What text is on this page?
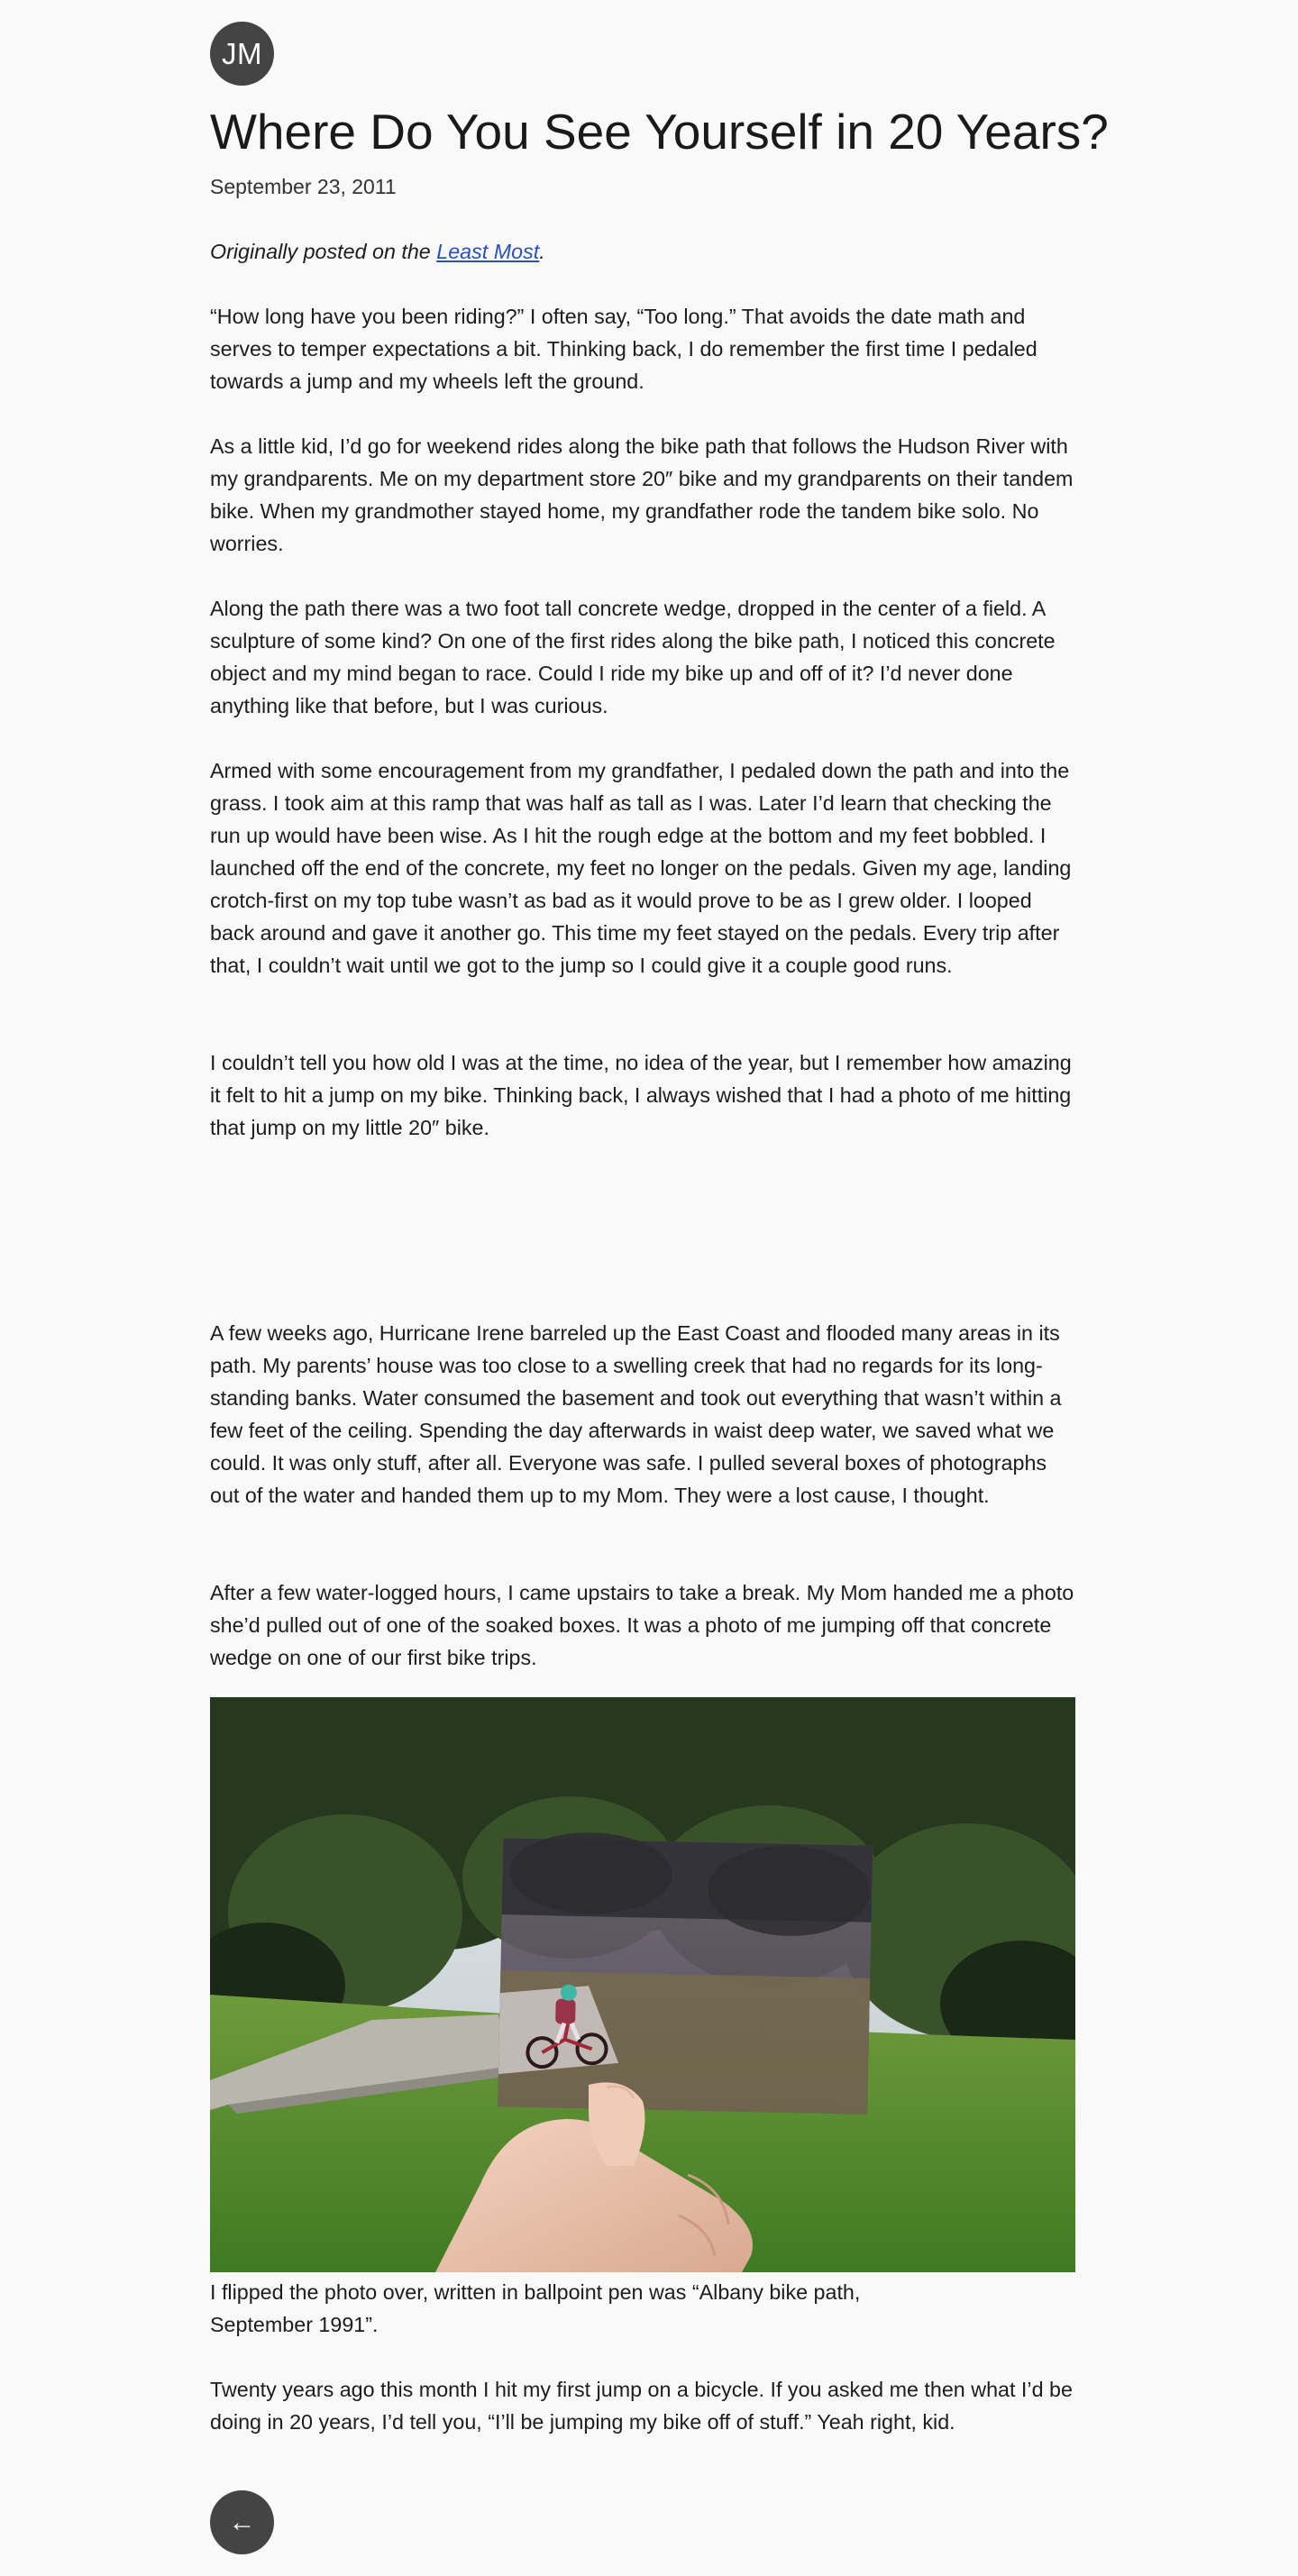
JM
Where Do You See Yourself in 20 Years?

September 23, 2011

Originally posted on the Least Most.

“How long have you been riding?” I often say, “Too long.” That avoids the date math and serves to temper expectations a bit. Thinking back, I do remember the first time I pedaled towards a jump and my wheels left the ground.

As a little kid, I’d go for weekend rides along the bike path that follows the Hudson River with my grandparents. Me on my department store 20″ bike and my grandparents on their tandem bike. When my grandmother stayed home, my grandfather rode the tandem bike solo. No worries.

Along the path there was a two foot tall concrete wedge, dropped in the center of a field. A sculpture of some kind? On one of the first rides along the bike path, I noticed this concrete object and my mind began to race. Could I ride my bike up and off of it? I’d never done anything like that before, but I was curious.

Armed with some encouragement from my grandfather, I pedaled down the path and into the grass. I took aim at this ramp that was half as tall as I was. Later I’d learn that checking the run up would have been wise. As I hit the rough edge at the bottom and my feet bobbled. I launched off the end of the concrete, my feet no longer on the pedals. Given my age, landing crotch-first on my top tube wasn’t as bad as it would prove to be as I grew older. I looped back around and gave it another go. This time my feet stayed on the pedals. Every trip after that, I couldn’t wait until we got to the jump so I could give it a couple good runs.

I couldn’t tell you how old I was at the time, no idea of the year, but I remember how amazing it felt to hit a jump on my bike. Thinking back, I always wished that I had a photo of me hitting that jump on my little 20″ bike.

A few weeks ago, Hurricane Irene barreled up the East Coast and flooded many areas in its path. My parents’ house was too close to a swelling creek that had no regards for its long-standing banks. Water consumed the basement and took out everything that wasn’t within a few feet of the ceiling. Spending the day afterwards in waist deep water, we saved what we could. It was only stuff, after all. Everyone was safe. I pulled several boxes of photographs out of the water and handed them up to my Mom. They were a lost cause, I thought.

After a few water-logged hours, I came upstairs to take a break. My Mom handed me a photo she’d pulled out of one of the soaked boxes. It was a photo of me jumping off that concrete wedge on one of our first bike trips.

I flipped the photo over, written in ballpoint pen was “Albany bike path, September 1991”.

Twenty years ago this month I hit my first jump on a bicycle. If you asked me then what I’d be doing in 20 years, I’d tell you, “I’ll be jumping my bike off of stuff.” Yeah right, kid.

←
